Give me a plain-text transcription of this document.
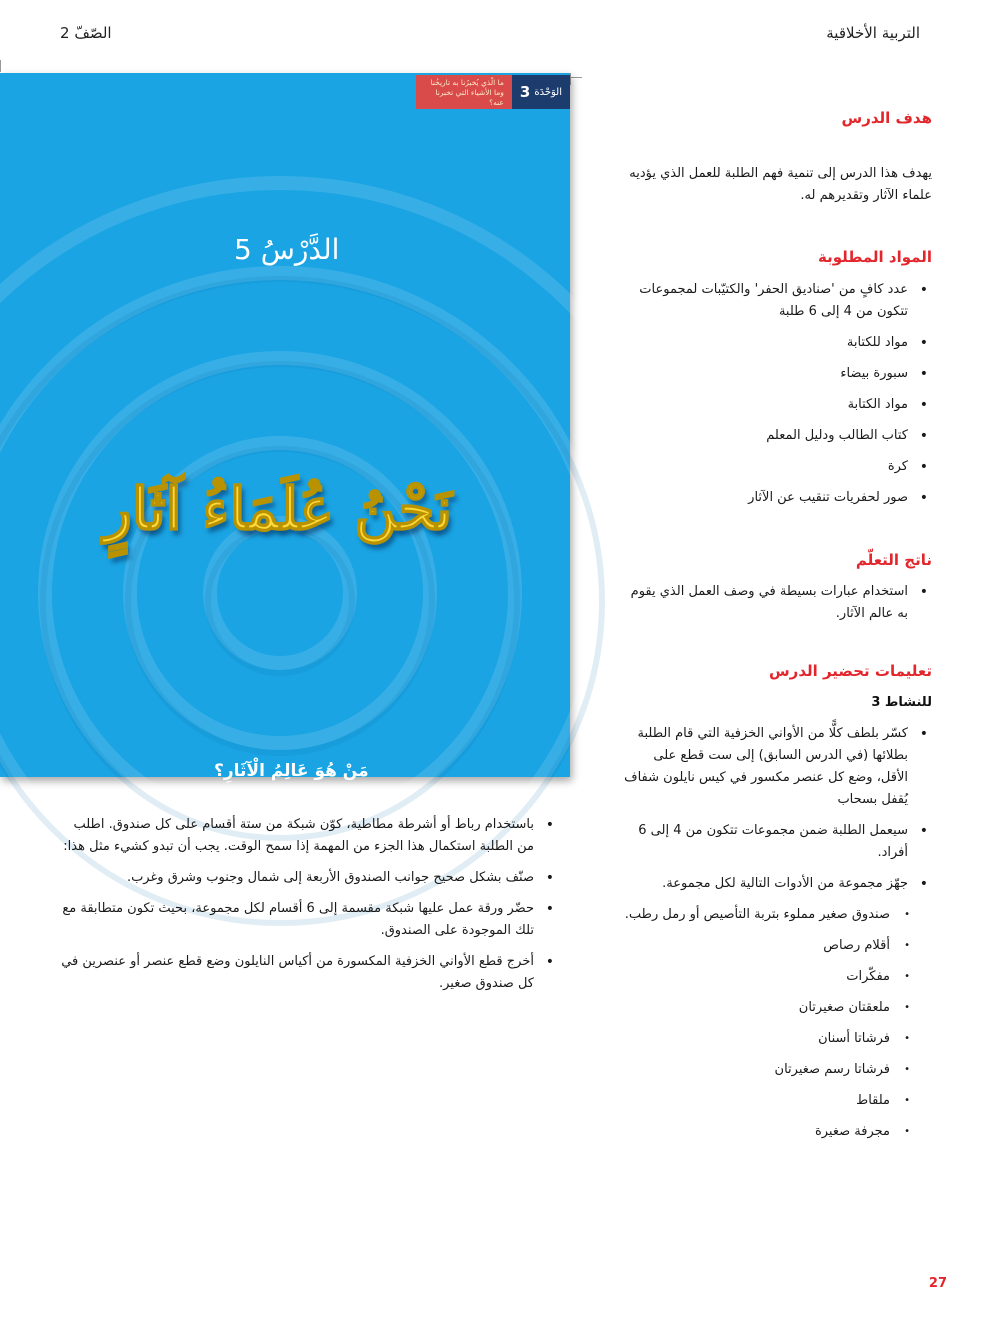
الصّفّ 2	التربية الأخلاقية
الوَحْدَة
3
ما الّذي يُخبرُنا به تاريخُنا وما الأشياء التي تخبرنا عنه؟
الدَّرْسُ 5
نَحْنُ عُلَمَاءُ آثَارٍ
مَنْ هُوَ عَالِمُ الْآثَارِ؟
27
هدف الدرس
يهدف هذا الدرس إلى تنمية فهم الطلبة للعمل الذي يؤديه علماء الآثار وتقديرهم له.
المواد المطلوبة
• عدد كافٍ من 'صناديق الحفر' والكتيّبات لمجموعات تتكون من 4 إلى 6 طلبة
• مواد للكتابة
• سبورة بيضاء
• مواد الكتابة
• كتاب الطالب ودليل المعلم
• كرة
• صور لحفريات تنقيب عن الآثار
ناتج التعلّم
• استخدام عبارات بسيطة في وصف العمل الذي يقوم به عالم الآثار.
تعليمات تحضير الدرس
للنشاط 3
• كسّر بلطف كلًّا من الأواني الخزفية التي قام الطلبة بطلائها (في الدرس السابق) إلى ست قطع على الأقل، وضع كل عنصر مكسور في كيس نايلون شفاف يُقفل بسحاب
• سيعمل الطلبة ضمن مجموعات تتكون من 4 إلى 6 أفراد.
• جهّز مجموعة من الأدوات التالية لكل مجموعة.
• صندوق صغير مملوء بتربة التأصيص أو رمل رطب.
• أقلام رصاص
• مفكّرات
• ملعقتان صغيرتان
• فرشاتا أسنان
• فرشاتا رسم صغيرتان
• ملقاط
• مجرفة صغيرة
• باستخدام رباط أو أشرطة مطاطية، كوّن شبكة من ستة أقسام على كل صندوق. اطلب من الطلبة استكمال هذا الجزء من المهمة إذا سمح الوقت. يجب أن تبدو كشيء مثل هذا:
• صنّف بشكل صحيح جوانب الصندوق الأربعة إلى شمال وجنوب وشرق وغرب.
• حضّر ورقة عمل عليها شبكة مقسمة إلى 6 أقسام لكل مجموعة، بحيث تكون متطابقة مع تلك الموجودة على الصندوق.
• أخرج قطع الأواني الخزفية المكسورة من أكياس النايلون وضع قطع عنصر أو عنصرين في كل صندوق صغير.
27
